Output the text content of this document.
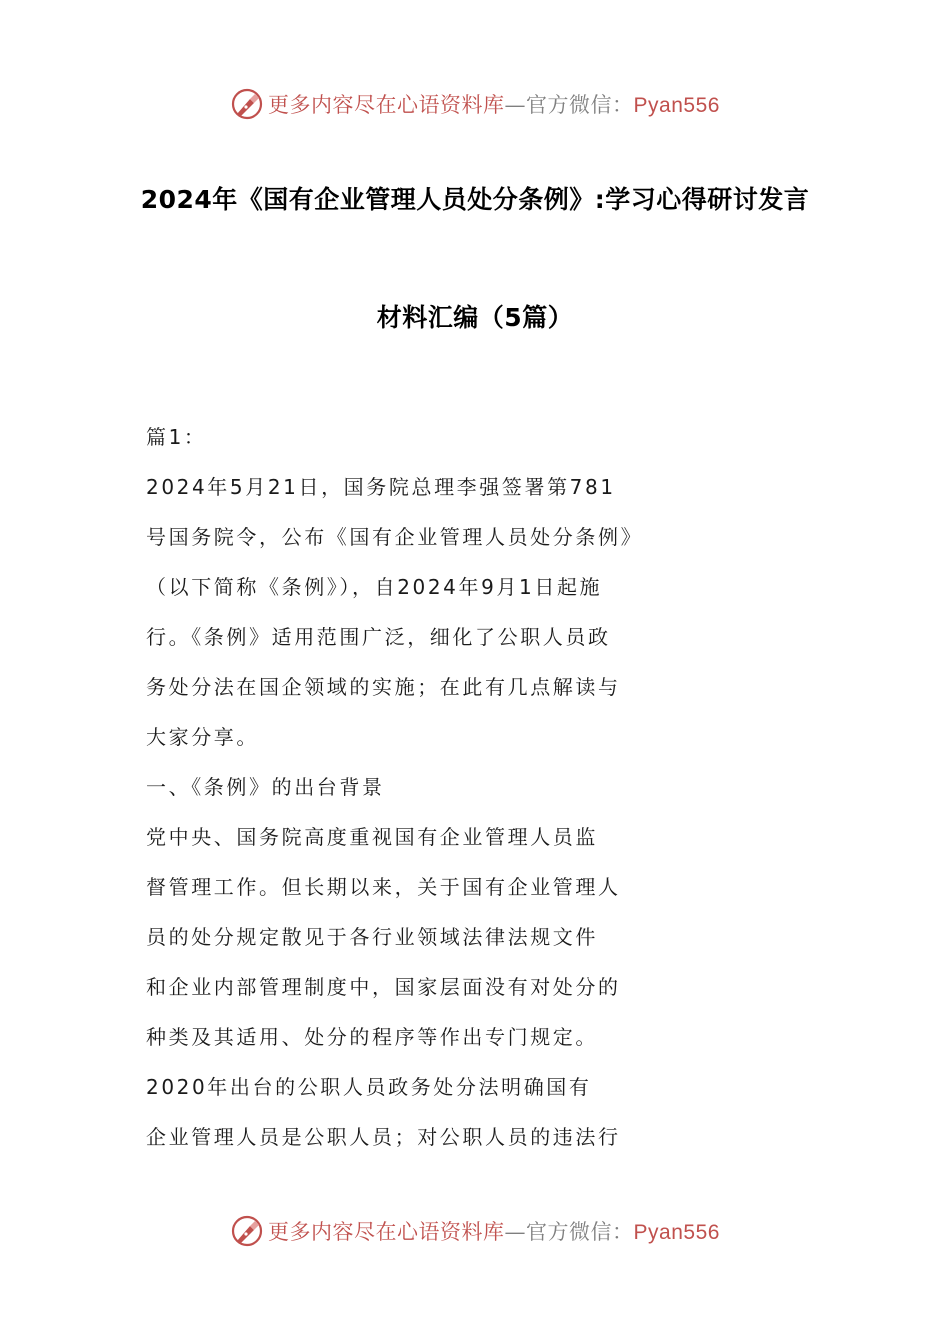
更多内容尽在心语资料库—官方微信：Pyan556
2024年《国有企业管理人员处分条例》:学习心得研讨发言
材料汇编（5篇）

篇1：

2024年5月21日，国务院总理李强签署第781

号国务院令，公布《国有企业管理人员处分条例》

（以下简称《条例》），自2024年9月1日起施

行。《条例》适用范围广泛，细化了公职人员政

务处分法在国企领域的实施；在此有几点解读与

大家分享。

一、《条例》的出台背景

党中央、国务院高度重视国有企业管理人员监

督管理工作。但长期以来，关于国有企业管理人

员的处分规定散见于各行业领域法律法规文件

和企业内部管理制度中，国家层面没有对处分的

种类及其适用、处分的程序等作出专门规定。

2020年出台的公职人员政务处分法明确国有

企业管理人员是公职人员；对公职人员的违法行

更多内容尽在心语资料库—官方微信：Pyan556
